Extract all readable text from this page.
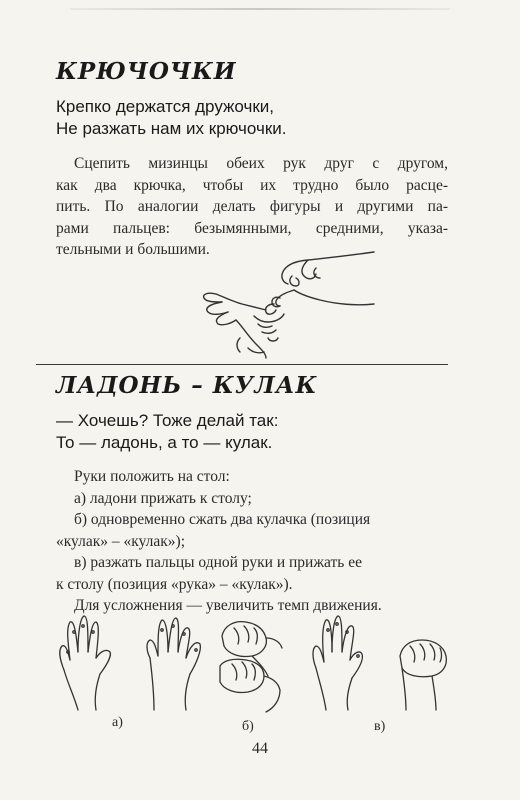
КРЮЧОЧКИ
Крепко держатся дружочки,
Не разжать нам их крючочки.
Сцепить мизинцы обеих рук друг с другом,
как два крючка, чтобы их трудно было расце-
пить. По аналогии делать фигуры и другими па-
рами пальцев: безымянными, средними, указа-
тельными и большими.
ЛАДОНЬ – КУЛАК
— Хочешь? Тоже делай так:
То — ладонь, а то — кулак.
Руки положить на стол:
а) ладони прижать к столу;
б) одновременно сжать два кулачка (позиция
«кулак» – «кулак»);
в) разжать пальцы одной руки и прижать ее
к столу (позиция «рука» – «кулак»).
Для усложнения — увеличить темп движения.
а)	б)	в)
44
